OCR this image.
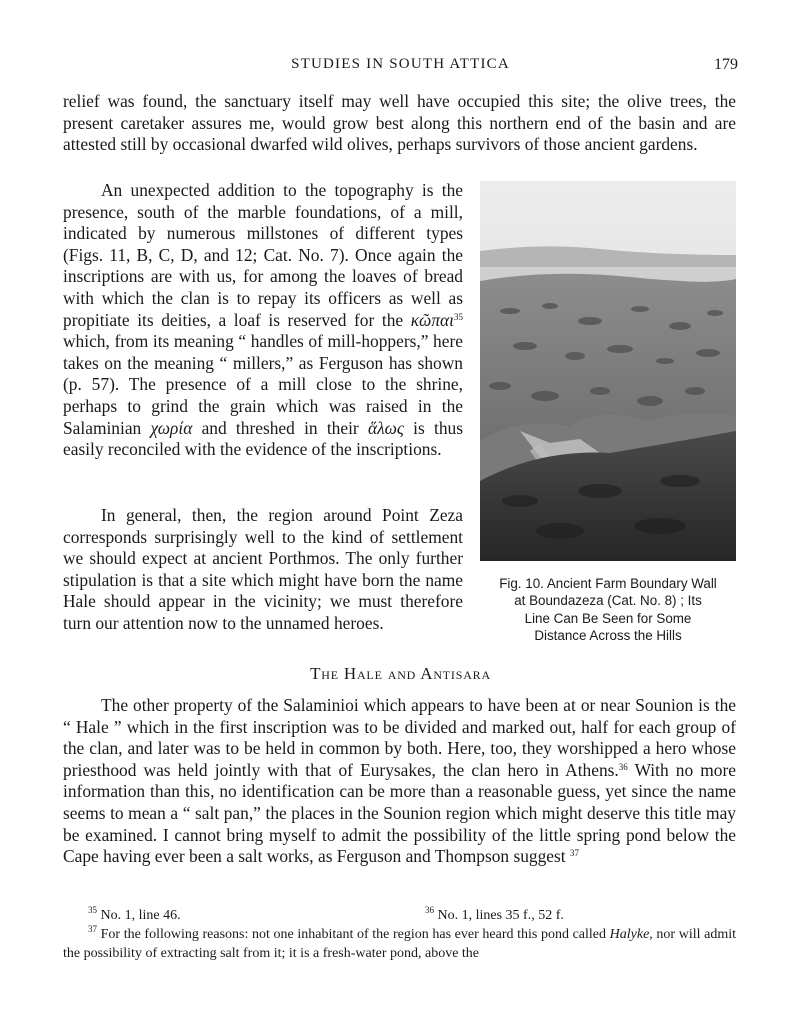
STUDIES IN SOUTH ATTICA	179

relief was found, the sanctuary itself may well have occupied this site; the olive trees, the present caretaker assures me, would grow best along this northern end of the basin and are attested still by occasional dwarfed wild olives, perhaps survivors of those ancient gardens.

An unexpected addition to the topography is the presence, south of the marble foundations, of a mill, indicated by numerous millstones of different types (Figs. 11, B, C, D, and 12; Cat. No. 7). Once again the inscriptions are with us, for among the loaves of bread with which the clan is to repay its officers as well as propitiate its deities, a loaf is reserved for the κῶπαι$^{35}$ which, from its meaning “ handles of mill-hoppers,” here takes on the meaning “ millers,” as Ferguson has shown (p. 57). The presence of a mill close to the shrine, perhaps to grind the grain which was raised in the Salaminian χωρία and threshed in their ἅλως is thus easily reconciled with the evidence of the inscriptions.

In general, then, the region around Point Zeza corresponds surprisingly well to the kind of settlement we should expect at ancient Porthmos. The only further stipulation is that a site which might have born the name Hale should appear in the vicinity; we must therefore turn our attention now to the unnamed heroes.

Fig. 10. Ancient Farm Boundary Wall
at Boundazeza (Cat. No. 8) ; Its
Line Can Be Seen for Some
Distance Across the Hills
The Hale and Antisara

The other property of the Salaminioi which appears to have been at or near Sounion is the “ Hale ” which in the first inscription was to be divided and marked out, half for each group of the clan, and later was to be held in common by both. Here, too, they worshipped a hero whose priesthood was held jointly with that of Eurysakes, the clan hero in Athens.$^{36}$ With no more information than this, no identification can be more than a reasonable guess, yet since the name seems to mean a “ salt pan,” the places in the Sounion region which might deserve this title may be examined. I cannot bring myself to admit the possibility of the little spring pond below the Cape having ever been a salt works, as Ferguson and Thompson suggest $^{37}$

$^{35}$ No. 1, line 46.	$^{36}$ No. 1, lines 35 f., 52 f.

$^{37}$ For the following reasons: not one inhabitant of the region has ever heard this pond called Halyke, nor will admit the possibility of extracting salt from it; it is a fresh-water pond, above the
